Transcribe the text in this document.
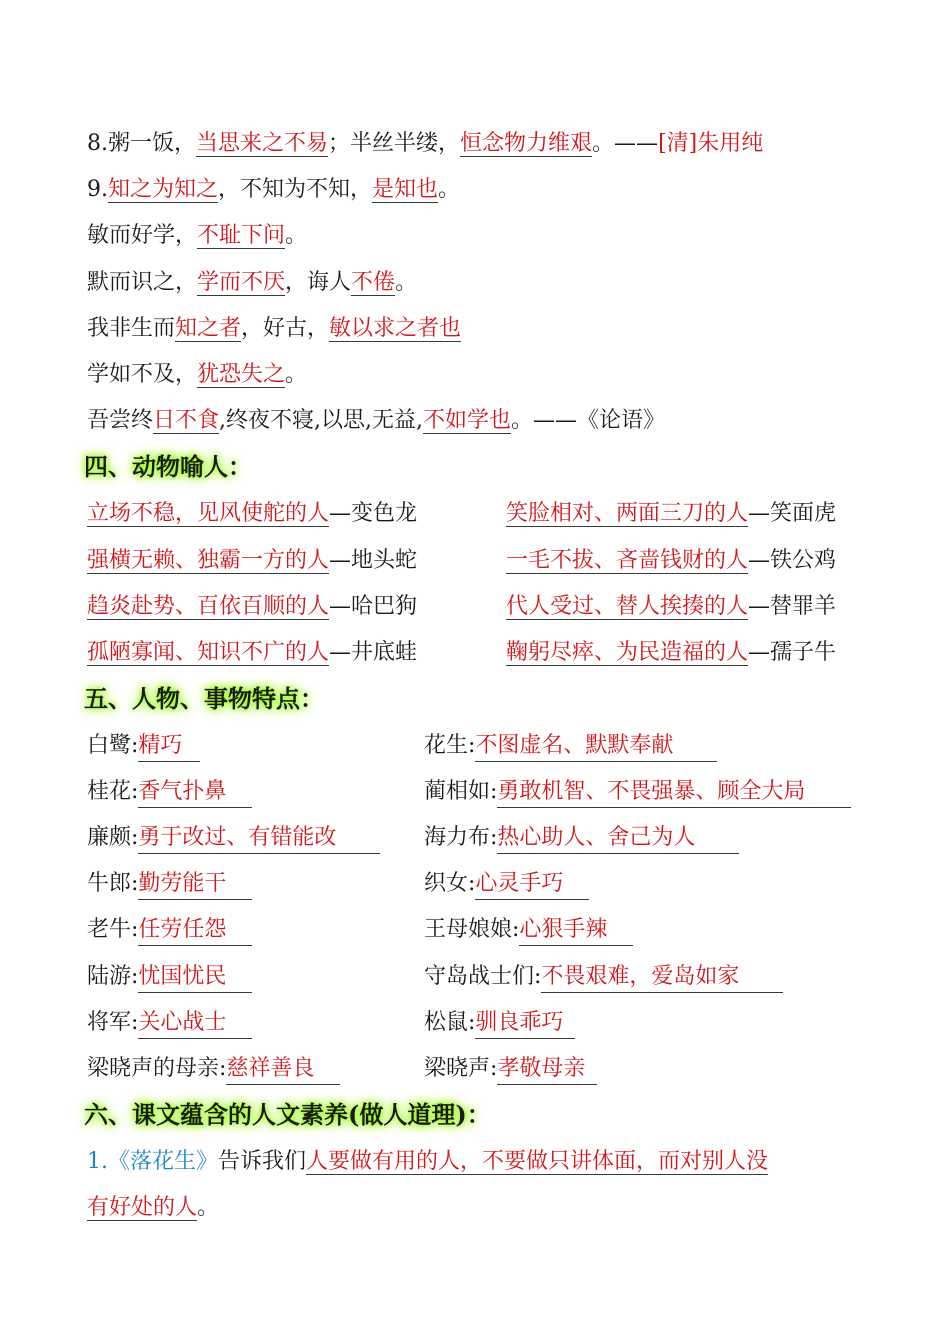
8.粥一饭，当思来之不易；半丝半缕，恒念物力维艰。——[清]朱用纯
9.知之为知之，不知为不知，是知也。
敏而好学，不耻下问。
默而识之，学而不厌，诲人不倦。
我非生而知之者，好古，敏以求之者也
学如不及，犹恐失之。
吾尝终日不食,终夜不寝,以思,无益,不如学也。——《论语》
四、动物喻人：
立场不稳，见风使舵的人—变色龙	笑脸相对、两面三刀的人—笑面虎
强横无赖、独霸一方的人—地头蛇	一毛不拔、吝啬钱财的人—铁公鸡
趋炎赴势、百依百顺的人—哈巴狗	代人受过、替人挨揍的人—替罪羊
孤陋寡闻、知识不广的人—井底蛙	鞠躬尽瘁、为民造福的人—孺子牛
五、人物、事物特点：
白鹭:精巧	花生:不图虚名、默默奉献
桂花:香气扑鼻	蔺相如:勇敢机智、不畏强暴、顾全大局
廉颇:勇于改过、有错能改	海力布:热心助人、舍己为人
牛郎:勤劳能干	织女:心灵手巧
老牛:任劳任怨	王母娘娘:心狠手辣
陆游:忧国忧民	守岛战士们:不畏艰难，爱岛如家
将军:关心战士	松鼠:驯良乖巧
梁晓声的母亲:慈祥善良	梁晓声:孝敬母亲
六、课文蕴含的人文素养(做人道理)：
1.《落花生》告诉我们人要做有用的人，不要做只讲体面，而对别人没
有好处的人。
